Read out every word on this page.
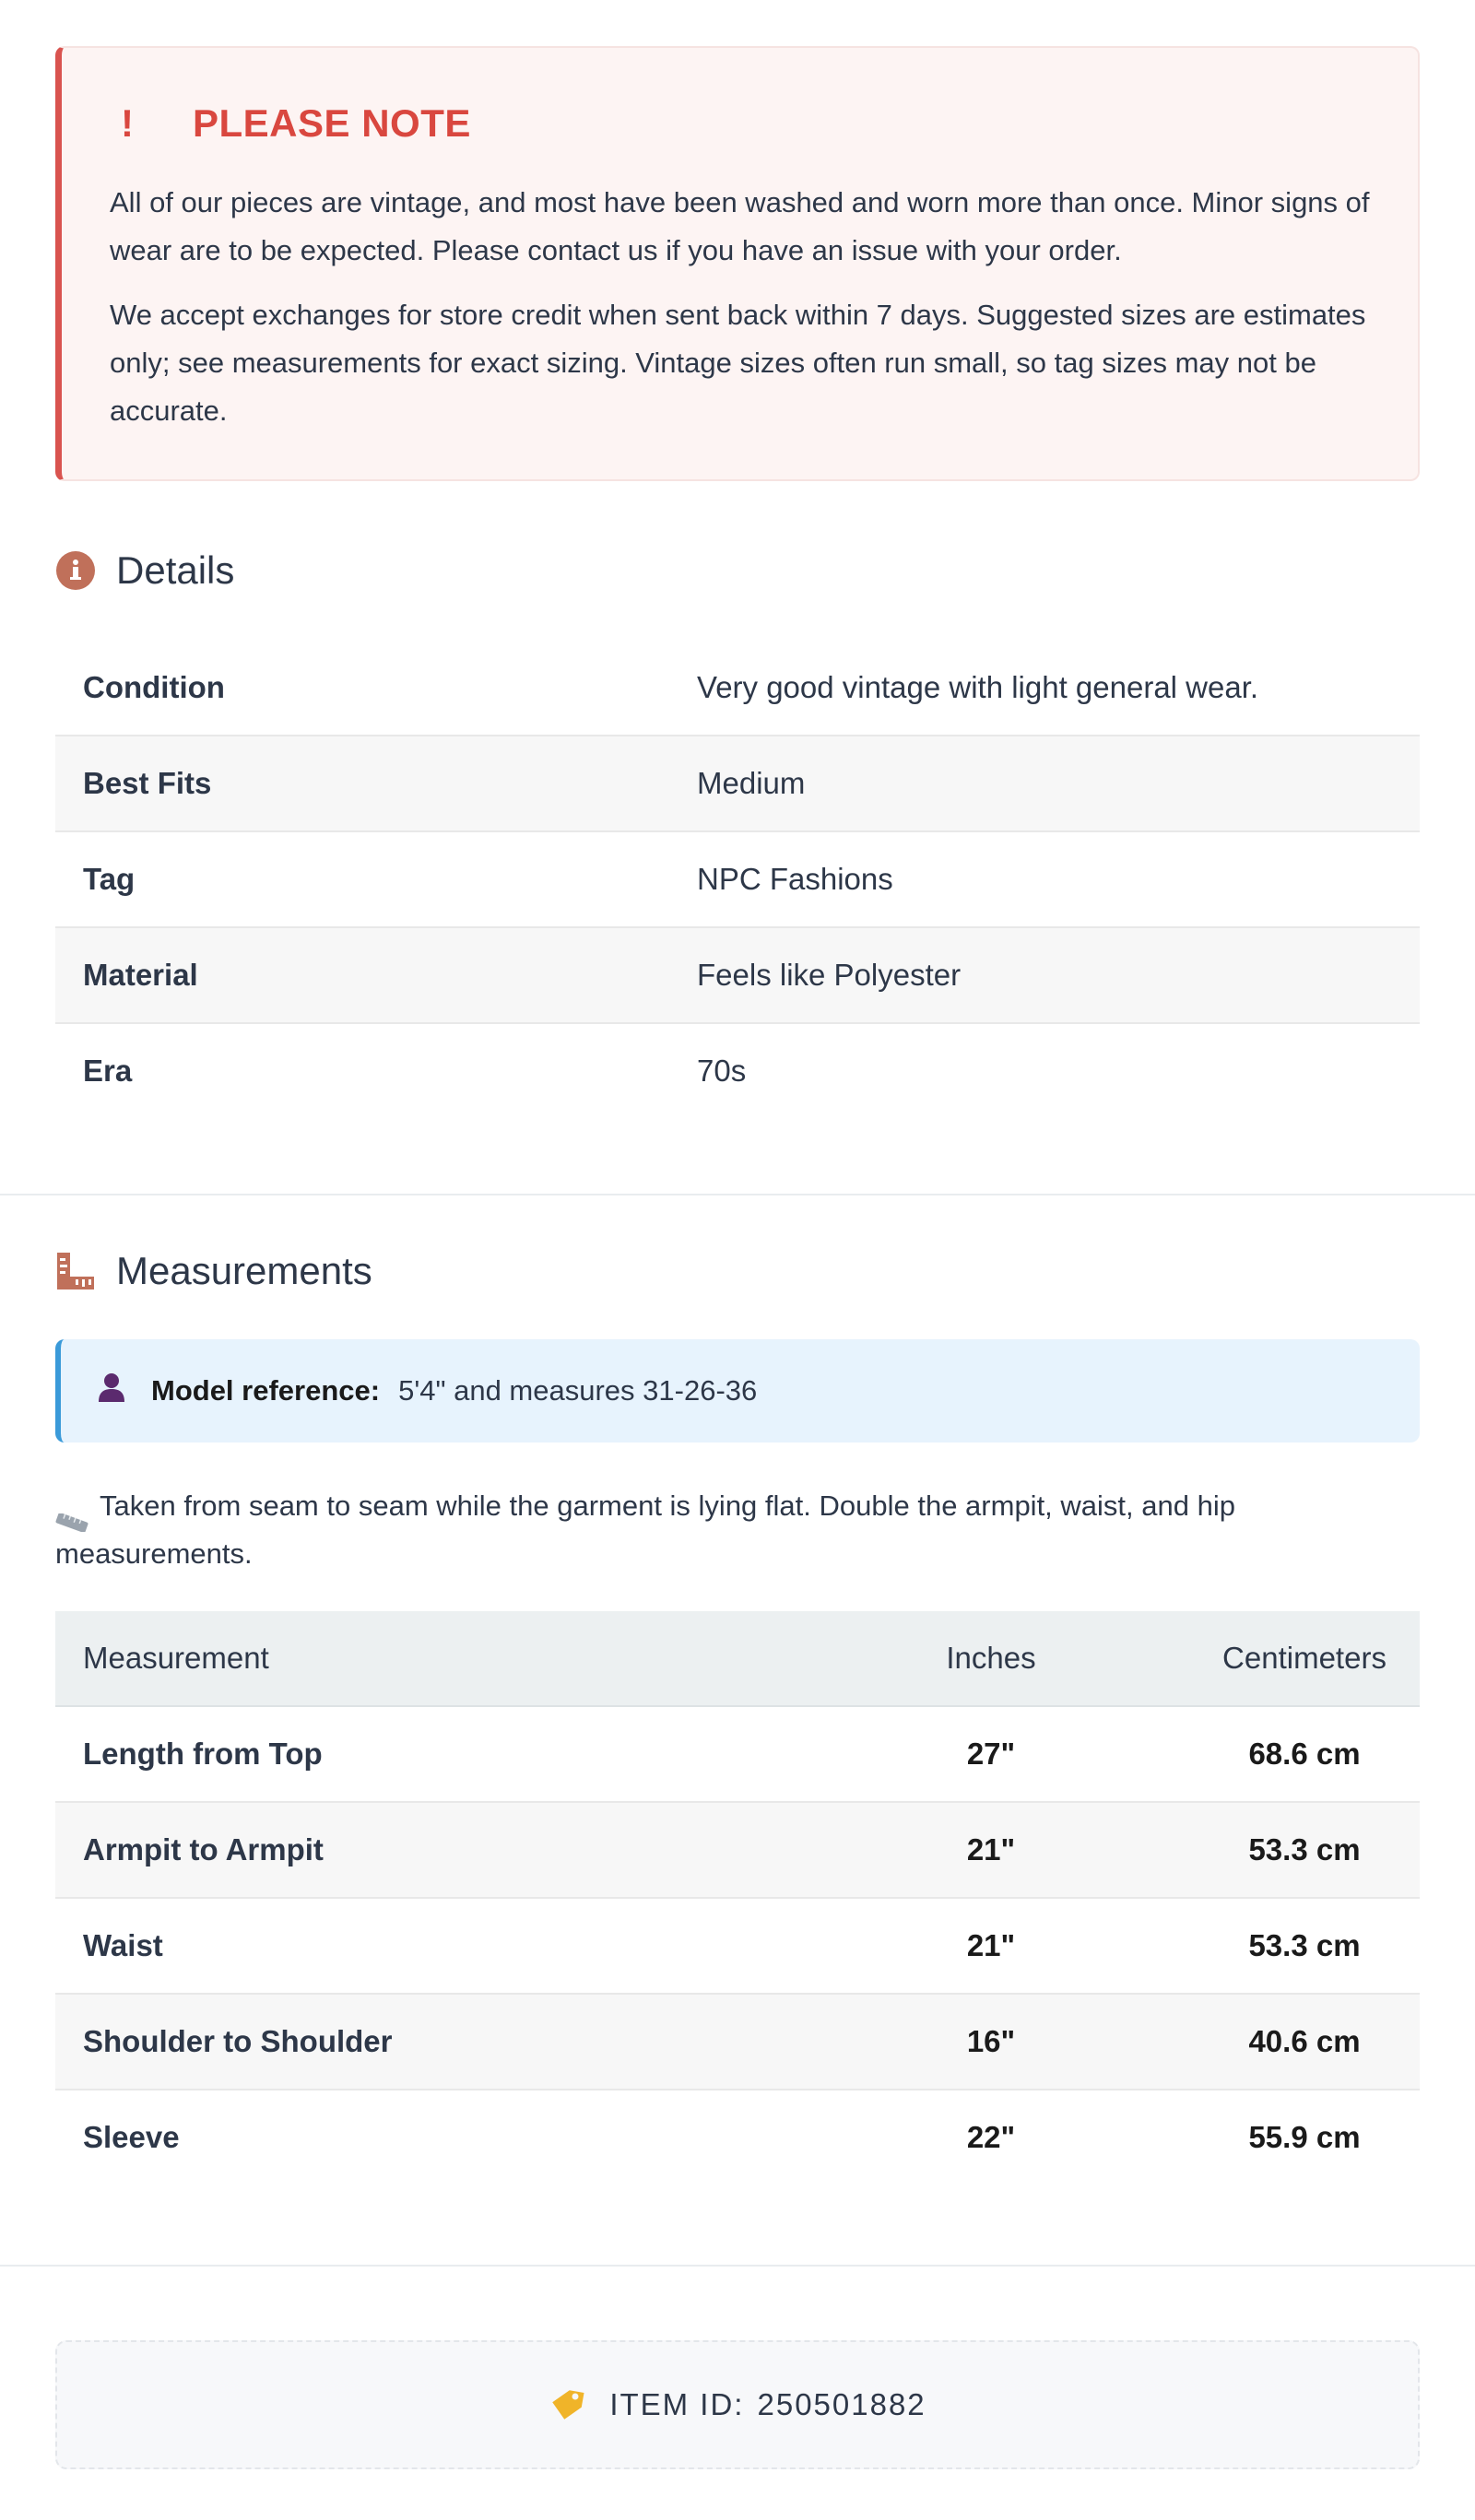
!	PLEASE NOTE

All of our pieces are vintage, and most have been washed and worn more than once. Minor signs of wear are to be expected. Please contact us if you have an issue with your order.

We accept exchanges for store credit when sent back within 7 days. Suggested sizes are estimates only; see measurements for exact sizing. Vintage sizes often run small, so tag sizes may not be accurate.

Details
Condition	Very good vintage with light general wear.
Best Fits	Medium
Tag	NPC Fashions
Material	Feels like Polyester
Era	70s
Measurements
Model reference: 5'4" and measures 31-26-36
Taken from seam to seam while the garment is lying flat. Double the armpit, waist, and hip measurements.
Measurement	Inches	Centimeters
Length from Top	27"	68.6 cm
Armpit to Armpit	21"	53.3 cm
Waist	21"	53.3 cm
Shoulder to Shoulder	16"	40.6 cm
Sleeve	22"	55.9 cm
ITEM ID: 250501882
